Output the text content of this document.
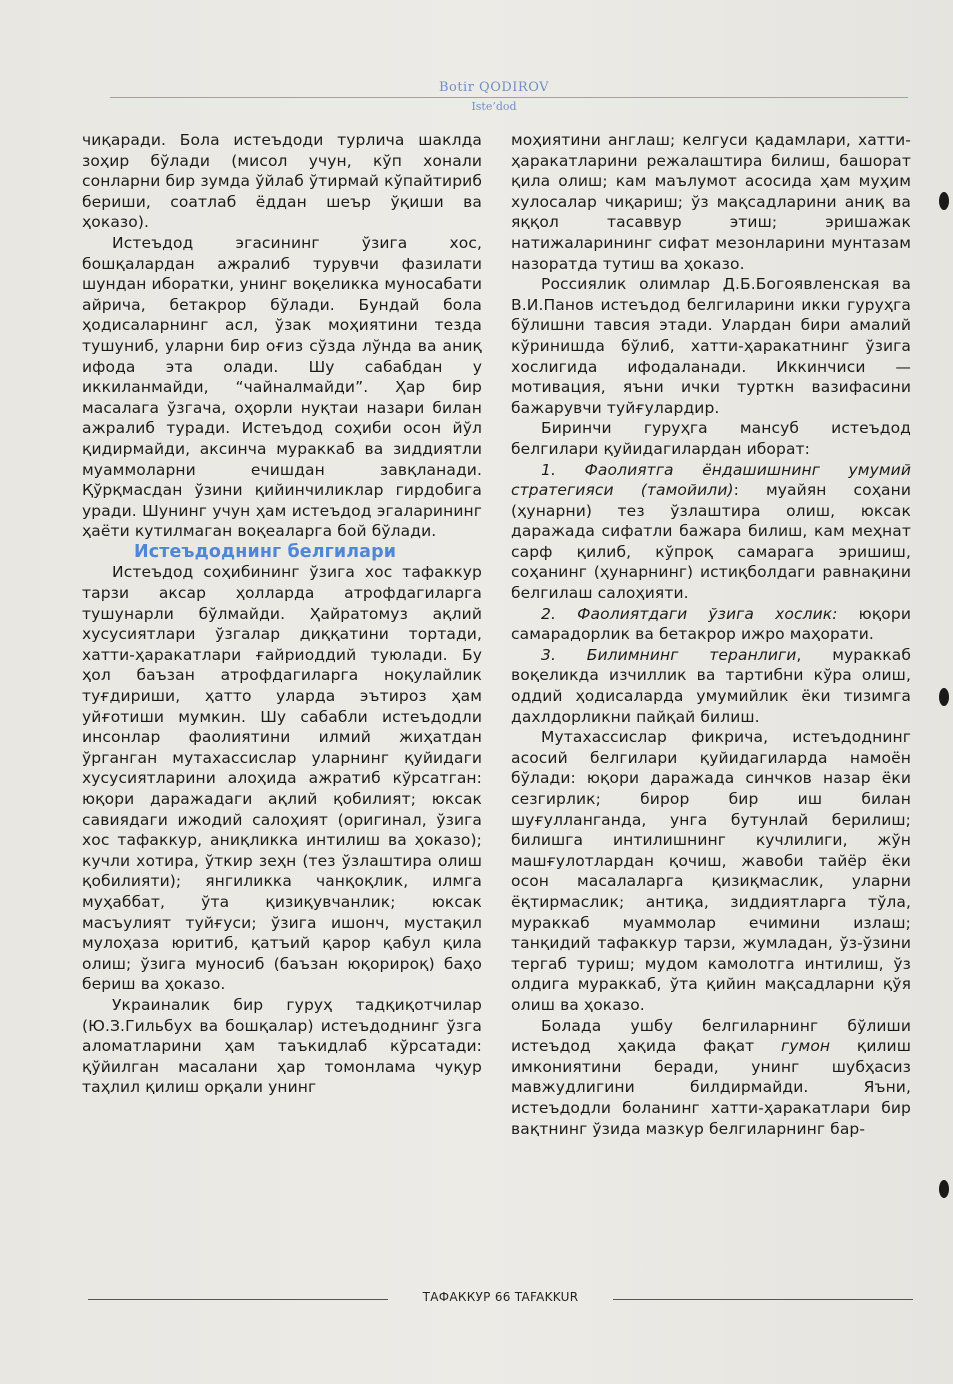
Botir QODIROV
Iste’dod

чиқаради. Бола истеъдоди турлича шаклда зоҳир бўлади (мисол учун, кўп хонали сонларни бир зумда ўйлаб ўтирмай кўпайтириб бериши, соатлаб ёддан шеър ўқиши ва ҳоказо).

Истеъдод эгасининг ўзига хос, бошқалардан ажралиб турувчи фазилати шундан иборатки, унинг воқеликка муносабати айрича, бетакрор бўлади. Бундай бола ҳодисаларнинг асл, ўзак моҳиятини тезда тушуниб, уларни бир оғиз сўзда лўнда ва аниқ ифода эта олади. Шу сабабдан у иккиланмайди, “чайналмайди”. Ҳар бир масалага ўзгача, оҳорли нуқтаи назари билан ажралиб туради. Истеъдод соҳиби осон йўл қидирмайди, аксинча мураккаб ва зиддиятли муаммоларни ечишдан завқланади. Қўрқмасдан ўзини қийинчиликлар гирдобига уради. Шунинг учун ҳам истеъдод эгаларининг ҳаёти кутилмаган воқеаларга бой бўлади.

Истеъдоднинг белгилари

Истеъдод соҳибининг ўзига хос тафаккур тарзи аксар ҳолларда атрофдагиларга тушунарли бўлмайди. Ҳайратомуз ақлий хусусиятлари ўзгалар диққатини тортади, хатти-ҳаракатлари ғайриоддий туюлади. Бу ҳол баъзан атрофдагиларга ноқулайлик туғдириши, ҳатто уларда эътироз ҳам уйғотиши мумкин. Шу сабабли истеъдодли инсонлар фаолиятини илмий жиҳатдан ўрганган мутахассислар уларнинг қуйидаги хусусиятларини алоҳида ажратиб кўрсатган: юқори даражадаги ақлий қобилият; юксак савиядаги ижодий салоҳият (оригинал, ўзига хос тафаккур, аниқликка интилиш ва ҳоказо); кучли хотира, ўткир зеҳн (тез ўзлаштира олиш қобилияти); янгиликка чанқоқлик, илмга муҳаббат, ўта қизиқувчанлик; юксак масъулият туйғуси; ўзига ишонч, мустақил мулоҳаза юритиб, қатъий қарор қабул қила олиш; ўзига муносиб (баъзан юқорироқ) баҳо бериш ва ҳоказо.

Украиналик бир гуруҳ тадқиқотчилар (Ю.З.Гильбух ва бошқалар) истеъдоднинг ўзга аломатларини ҳам таъкидлаб кўрсатади: қўйилган масалани ҳар томонлама чуқур таҳлил қилиш орқали унинг

моҳиятини англаш; келгуси қадамлари, хатти-ҳаракатларини режалаштира билиш, башорат қила олиш; кам маълумот асосида ҳам муҳим хулосалар чиқариш; ўз мақсадларини аниқ ва яққол тасаввур этиш; эришажак натижаларининг сифат мезонларини мунтазам назоратда тутиш ва ҳоказо.

Россиялик олимлар Д.Б.Богоявленская ва В.И.Панов истеъдод белгиларини икки гуруҳга бўлишни тавсия этади. Улардан бири амалий кўринишда бўлиб, хатти-ҳаракатнинг ўзига хослигида ифодаланади. Иккинчиси — мотивация, яъни ички турткн вазифасини бажарувчи туйғулардир.

Биринчи гуруҳга мансуб истеъдод белгилари қуйидагилардан иборат:

1. Фаолиятга ёндашишнинг умумий стратегияси (тамойили): муайян соҳани (ҳунарни) тез ўзлаштира олиш, юксак даражада сифатли бажара билиш, кам меҳнат сарф қилиб, кўпроқ самарага эришиш, соҳанинг (ҳунарнинг) истиқболдаги равнақини белгилаш салоҳияти.

2. Фаолиятдаги ўзига хослик: юқори самарадорлик ва бетакрор ижро маҳорати.

3. Билимнинг теранлиги, мураккаб воқеликда изчиллик ва тартибни кўра олиш, оддий ҳодисаларда умумийлик ёки тизимга дахлдорликни пайқай билиш.

Мутахассислар фикрича, истеъдоднинг асосий белгилари қуйидагиларда намоён бўлади: юқори даражада синчков назар ёки сезгирлик; бирор бир иш билан шуғулланганда, унга бутунлай берилиш; билишга интилишнинг кучлилиги, жўн машғулотлардан қочиш, жавоби тайёр ёки осон масалаларга қизиқмаслик, уларни ёқтирмаслик; антиқа, зиддиятларга тўла, мураккаб муаммолар ечимини излаш; танқидий тафаккур тарзи, жумладан, ўз-ўзини тергаб туриш; мудом камолотга интилиш, ўз олдига мураккаб, ўта қийин мақсадларни қўя олиш ва ҳоказо.

Болада ушбу белгиларнинг бўлиши истеъдод ҳақида фақат гумон қилиш имкониятини беради, унинг шубҳасиз мавжудлигини билдирмайди. Яъни, истеъдодли боланинг хатти-ҳаракатлари бир вақтнинг ўзида мазкур белгиларнинг бар-

ТАФАККУР 66 TAFAKKUR
